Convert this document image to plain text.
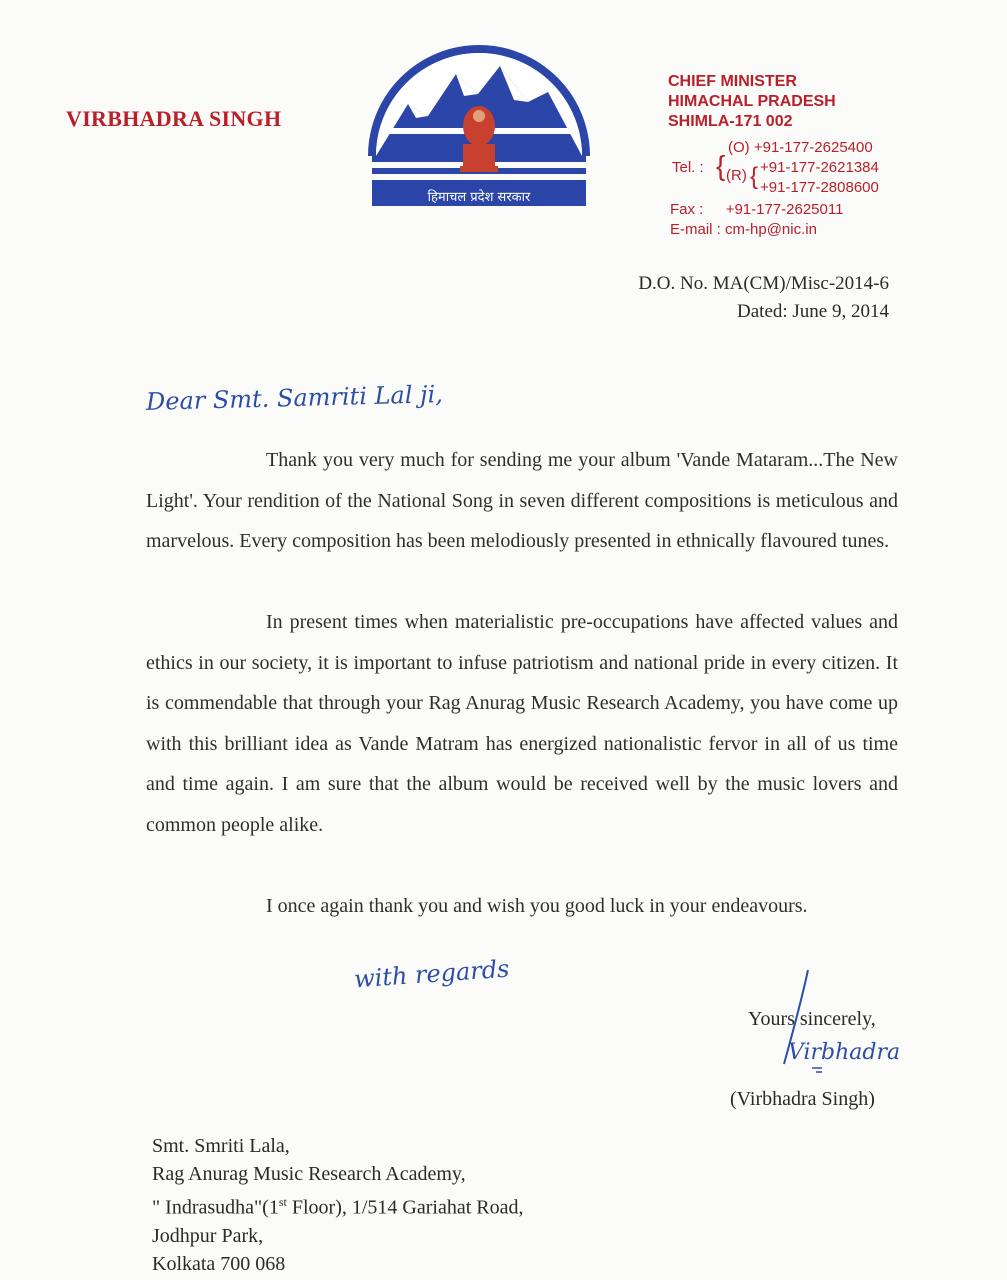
VIRBHADRA SINGH
हिमाचल प्रदेश सरकार
CHIEF MINISTER
HIMACHAL PRADESH
SHIMLA-171 002
Tel. : {
(O) +91-177-2625400
(R) { +91-177-2621384
+91-177-2808600
Fax : +91-177-2625011
E-mail : cm-hp@nic.in
D.O. No. MA(CM)/Misc-2014-6
Dated: June 9, 2014
Dear Smt. Samriti Lal ji,
Thank you very much for sending me your album 'Vande Mataram...The New Light'. Your rendition of the National Song in seven different compositions is meticulous and marvelous. Every composition has been melodiously presented in ethnically flavoured tunes.
In present times when materialistic pre-occupations have affected values and ethics in our society, it is important to infuse patriotism and national pride in every citizen. It is commendable that through your Rag Anurag Music Research Academy, you have come up with this brilliant idea as Vande Matram has energized nationalistic fervor in all of us time and time again. I am sure that the album would be received well by the music lovers and common people alike.
I once again thank you and wish you good luck in your endeavours.
with regards
Yours sincerely,
Virbhadra
(Virbhadra Singh)
Smt. Smriti Lala,
Rag Anurag Music Research Academy,
" Indrasudha"(1st Floor), 1/514 Gariahat Road,
Jodhpur Park,
Kolkata 700 068
